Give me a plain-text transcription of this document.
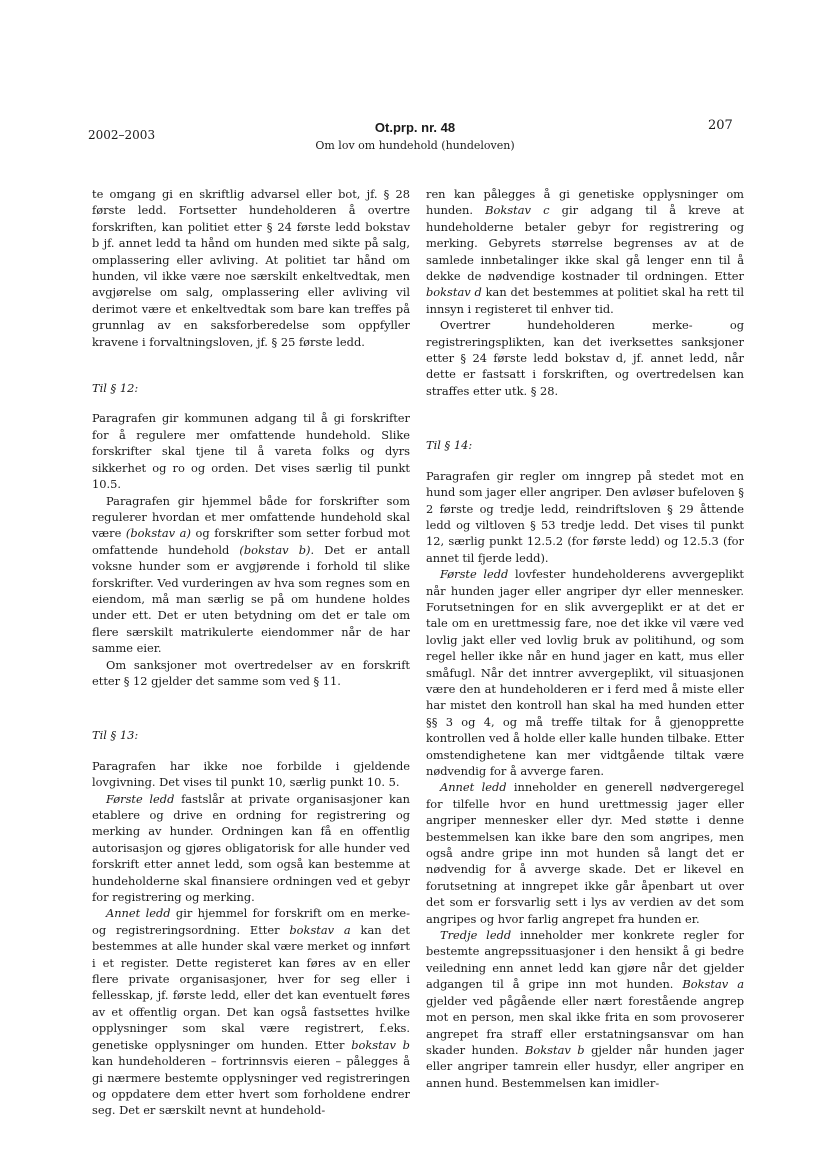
2002–2003	Ot.prp. nr. 48
Om lov om hundehold (hundeloven)
207

te omgang gi en skriftlig advarsel eller bot, jf. § 28 første ledd. Fortsetter hundeholderen å overtre forskriften, kan politiet etter § 24 første ledd bokstav b jf. annet ledd ta hånd om hunden med sikte på salg, omplassering eller avliving. At politiet tar hånd om hunden, vil ikke være noe særskilt enkeltvedtak, men avgjørelse om salg, omplassering eller avliving vil derimot være et enkeltvedtak som bare kan treffes på grunnlag av en saksforberedelse som oppfyller kravene i forvaltningsloven, jf. § 25 første ledd.

Til § 12:

Paragrafen gir kommunen adgang til å gi forskrifter for å regulere mer omfattende hundehold. Slike forskrifter skal tjene til å vareta folks og dyrs sikkerhet og ro og orden. Det vises særlig til punkt 10.5.

Paragrafen gir hjemmel både for forskrifter som regulerer hvordan et mer omfattende hundehold skal være (bokstav a) og forskrifter som setter forbud mot omfattende hundehold (bokstav b). Det er antall voksne hunder som er avgjørende i forhold til slike forskrifter. Ved vurderingen av hva som regnes som en eiendom, må man særlig se på om hundene holdes under ett. Det er uten betydning om det er tale om flere særskilt matrikulerte eiendommer når de har samme eier.

Om sanksjoner mot overtredelser av en forskrift etter § 12 gjelder det samme som ved § 11.

Til § 13:

Paragrafen har ikke noe forbilde i gjeldende lovgivning. Det vises til punkt 10, særlig punkt 10. 5.

Første ledd fastslår at private organisasjoner kan etablere og drive en ordning for registrering og merking av hunder. Ordningen kan få en offentlig autorisasjon og gjøres obligatorisk for alle hunder ved forskrift etter annet ledd, som også kan bestemme at hundeholderne skal finansiere ordningen ved et gebyr for registrering og merking.

Annet ledd gir hjemmel for forskrift om en merke- og registreringsordning. Etter bokstav a kan det bestemmes at alle hunder skal være merket og innført i et register. Dette registeret kan føres av en eller flere private organisasjoner, hver for seg eller i fellesskap, jf. første ledd, eller det kan eventuelt føres av et offentlig organ. Det kan også fastsettes hvilke opplysninger som skal være registrert, f.eks. genetiske opplysninger om hunden. Etter bokstav b kan hundeholderen – fortrinnsvis eieren – pålegges å gi nærmere bestemte opplysninger ved registreringen og oppdatere dem etter hvert som forholdene endrer seg. Det er særskilt nevnt at hundehold-

ren kan pålegges å gi genetiske opplysninger om hunden. Bokstav c gir adgang til å kreve at hundeholderne betaler gebyr for registrering og merking. Gebyrets størrelse begrenses av at de samlede innbetalinger ikke skal gå lenger enn til å dekke de nødvendige kostnader til ordningen. Etter bokstav d kan det bestemmes at politiet skal ha rett til innsyn i registeret til enhver tid.

Overtrer hundeholderen merke- og registreringsplikten, kan det iverksettes sanksjoner etter § 24 første ledd bokstav d, jf. annet ledd, når dette er fastsatt i forskriften, og overtredelsen kan straffes etter utk. § 28.

Til § 14:

Paragrafen gir regler om inngrep på stedet mot en hund som jager eller angriper. Den avløser bufeloven § 2 første og tredje ledd, reindriftsloven § 29 åttende ledd og viltloven § 53 tredje ledd. Det vises til punkt 12, særlig punkt 12.5.2 (for første ledd) og 12.5.3 (for annet til fjerde ledd).

Første ledd lovfester hundeholderens avvergeplikt når hunden jager eller angriper dyr eller mennesker. Forutsetningen for en slik avvergeplikt er at det er tale om en urettmessig fare, noe det ikke vil være ved lovlig jakt eller ved lovlig bruk av politihund, og som regel heller ikke når en hund jager en katt, mus eller småfugl. Når det inntrer avvergeplikt, vil situasjonen være den at hundeholderen er i ferd med å miste eller har mistet den kontroll han skal ha med hunden etter §§ 3 og 4, og må treffe tiltak for å gjenopprette kontrollen ved å holde eller kalle hunden tilbake. Etter omstendighetene kan mer vidtgående tiltak være nødvendig for å avverge faren.

Annet ledd inneholder en generell nødvergeregel for tilfelle hvor en hund urettmessig jager eller angriper mennesker eller dyr. Med støtte i denne bestemmelsen kan ikke bare den som angripes, men også andre gripe inn mot hunden så langt det er nødvendig for å avverge skade. Det er likevel en forutsetning at inngrepet ikke går åpenbart ut over det som er forsvarlig sett i lys av verdien av det som angripes og hvor farlig angrepet fra hunden er.

Tredje ledd inneholder mer konkrete regler for bestemte angrepssituasjoner i den hensikt å gi bedre veiledning enn annet ledd kan gjøre når det gjelder adgangen til å gripe inn mot hunden. Bokstav a gjelder ved pågående eller nært forestående angrep mot en person, men skal ikke frita en som provoserer angrepet fra straff eller erstatningsansvar om han skader hunden. Bokstav b gjelder når hunden jager eller angriper tamrein eller husdyr, eller angriper en annen hund. Bestemmelsen kan imidler-
